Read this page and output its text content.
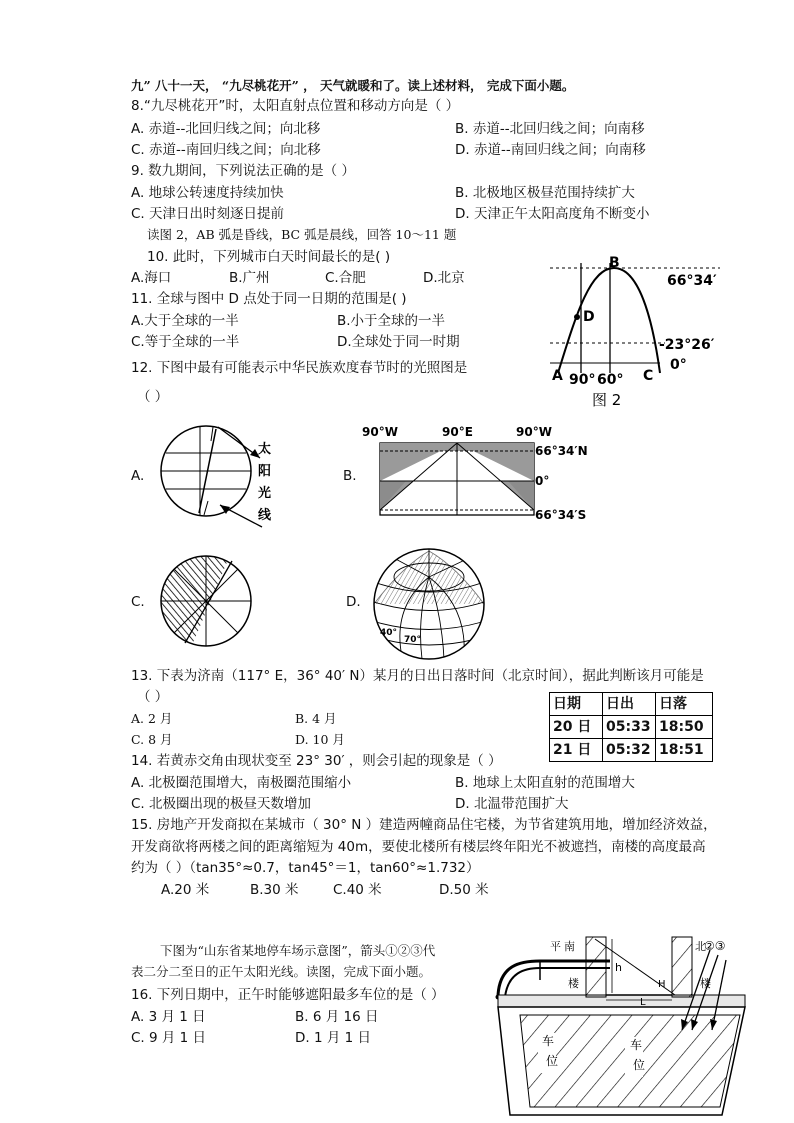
九” 八十一天， “九尽桃花开” ， 天气就暖和了。读上述材料， 完成下面小题。
8.“九尽桃花开”时，太阳直射点位置和移动方向是（ ）
A. 赤道--北回归线之间；向北移	B. 赤道--北回归线之间；向南移
C. 赤道--南回归线之间；向北移	D. 赤道--南回归线之间；向南移
9. 数九期间，下列说法正确的是（ ）
A. 地球公转速度持续加快	B. 北极地区极昼范围持续扩大
C. 天津日出时刻逐日提前	D. 天津正午太阳高度角不断变小
读图 2，AB 弧是昏线，BC 弧是晨线，回答 10～11 题
10. 此时，下列城市白天时间最长的是( )
A.海口	B.广州	C.合肥	D.北京
11. 全球与图中 D 点处于同一日期的范围是( )
A.大于全球的一半	B.小于全球的一半
C.等于全球的一半	D.全球处于同一时期
B
D
A	C
66°34′
-23°26′
0°
90° 60°
图 2
12. 下图中最有可能表示中华民族欢度春节时的光照图是
（ ）
A.
太
阳
光
线
B.
90°W	90°E	90°W
66°34′N
0°
66°34′S
C.	D.
40°
70°
13. 下表为济南（117° E，36° 40′ N）某月的日出日落时间（北京时间），据此判断该月可能是
（ ）
A. 2 月	B. 4 月
C. 8 月	D. 10 月
日期	日出	日落
20 日	05:33	18:50
21 日	05:32	18:51
14. 若黄赤交角由现状变至 23° 30′ ，则会引起的现象是（ ）
A. 北极圈范围增大，南极圈范围缩小	B. 地球上太阳直射的范围增大
C. 北极圈出现的极昼天数增加	D. 北温带范围扩大
15. 房地产开发商拟在某城市（ 30° N ）建造两幢商品住宅楼，为节省建筑用地，增加经济效益，
开发商欲将两楼之间的距离缩短为 40m，要使北楼所有楼层终年阳光不被遮挡，南楼的高度最高
约为（ ）（tan35°≈0.7，tan45°＝1，tan60°≈1.732）
A.20 米	B.30 米	C.40 米	D.50 米
下图为“山东省某地停车场示意图”，箭头①②③代
表二分二至日的正午太阳光线。读图，完成下面小题。
16. 下列日期中，正午时能够遮阳最多车位的是（ ）
A. 3 月 1 日	B. 6 月 16 日
C. 9 月 1 日	D. 1 月 1 日
平 南
楼
北
楼
h
H
L
②③
车
位
车
位
